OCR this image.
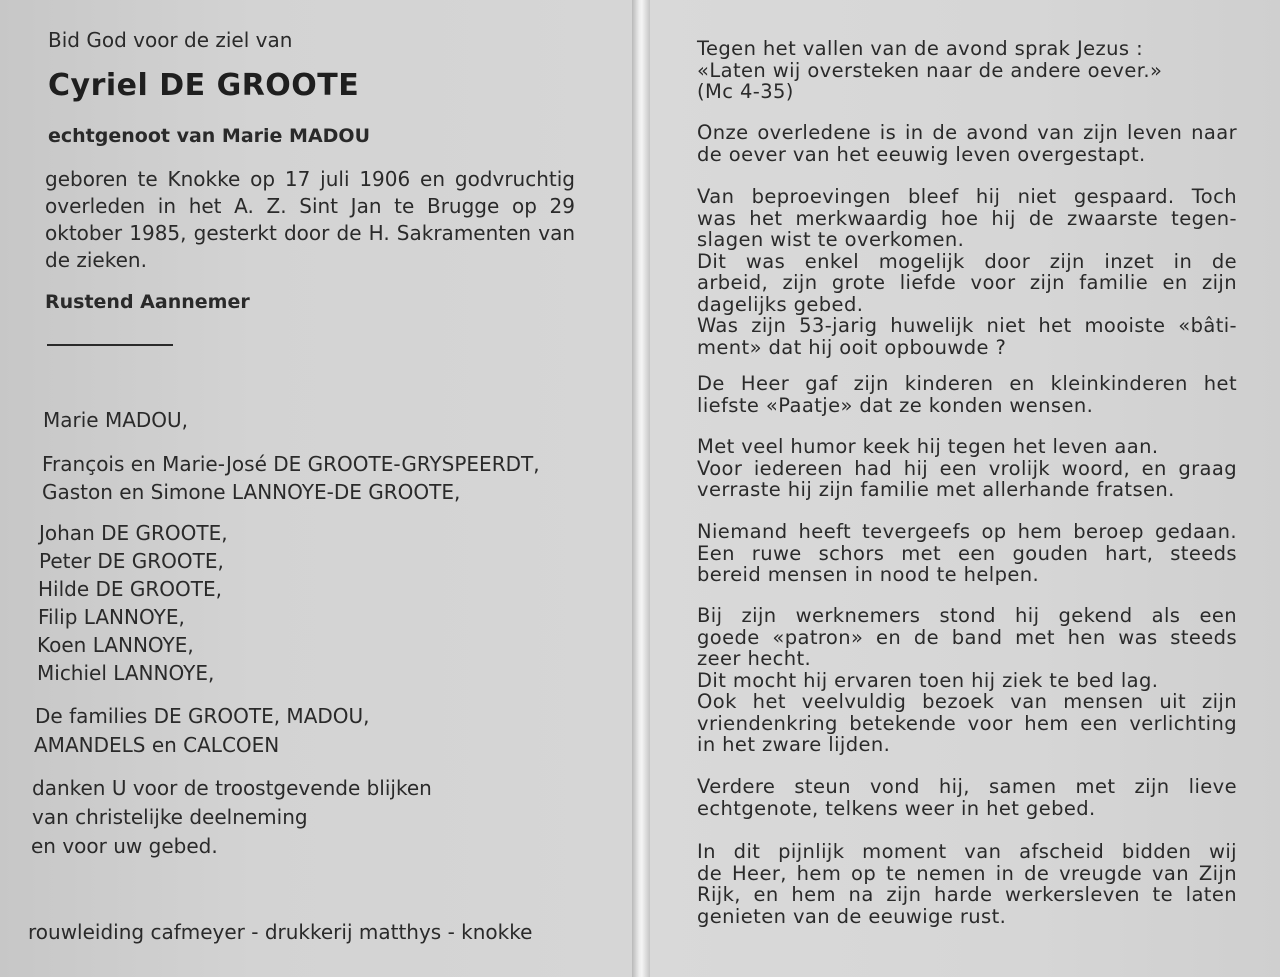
Bid God voor de ziel van
Cyriel DE GROOTE
echtgenoot van Marie MADOU
geboren te Knokke op 17 juli 1906 en godvruchtig overleden in het A. Z. Sint Jan te Brugge op 29 oktober 1985, gesterkt door de H. Sakramenten van de zieken.
Rustend Aannemer
Marie MADOU,
François en Marie-José DE GROOTE-GRYSPEERDT,
Gaston en Simone LANNOYE-DE GROOTE,
Johan DE GROOTE,
Peter DE GROOTE,
Hilde DE GROOTE,
Filip LANNOYE,
Koen LANNOYE,
Michiel LANNOYE,
De families DE GROOTE, MADOU,
AMANDELS en CALCOEN
danken U voor de troostgevende blijken
van christelijke deelneming
en voor uw gebed.
rouwleiding cafmeyer - drukkerij matthys - knokke
Tegen het vallen van de avond sprak Jezus :
«Laten wij oversteken naar de andere oever.»
(Mc 4-35)
Onze overledene is in de avond van zijn leven naar
de oever van het eeuwig leven overgestapt.
Van beproevingen bleef hij niet gespaard. Toch
was het merkwaardig hoe hij de zwaarste tegen-
slagen wist te overkomen.
Dit was enkel mogelijk door zijn inzet in de
arbeid, zijn grote liefde voor zijn familie en zijn
dagelijks gebed.
Was zijn 53-jarig huwelijk niet het mooiste «bâti-
ment» dat hij ooit opbouwde ?
De Heer gaf zijn kinderen en kleinkinderen het
liefste «Paatje» dat ze konden wensen.
Met veel humor keek hij tegen het leven aan.
Voor iedereen had hij een vrolijk woord, en graag
verraste hij zijn familie met allerhande fratsen.
Niemand heeft tevergeefs op hem beroep gedaan.
Een ruwe schors met een gouden hart, steeds
bereid mensen in nood te helpen.
Bij zijn werknemers stond hij gekend als een
goede «patron» en de band met hen was steeds
zeer hecht.
Dit mocht hij ervaren toen hij ziek te bed lag.
Ook het veelvuldig bezoek van mensen uit zijn
vriendenkring betekende voor hem een verlichting
in het zware lijden.
Verdere steun vond hij, samen met zijn lieve
echtgenote, telkens weer in het gebed.
In dit pijnlijk moment van afscheid bidden wij
de Heer, hem op te nemen in de vreugde van Zijn
Rijk, en hem na zijn harde werkersleven te laten
genieten van de eeuwige rust.
